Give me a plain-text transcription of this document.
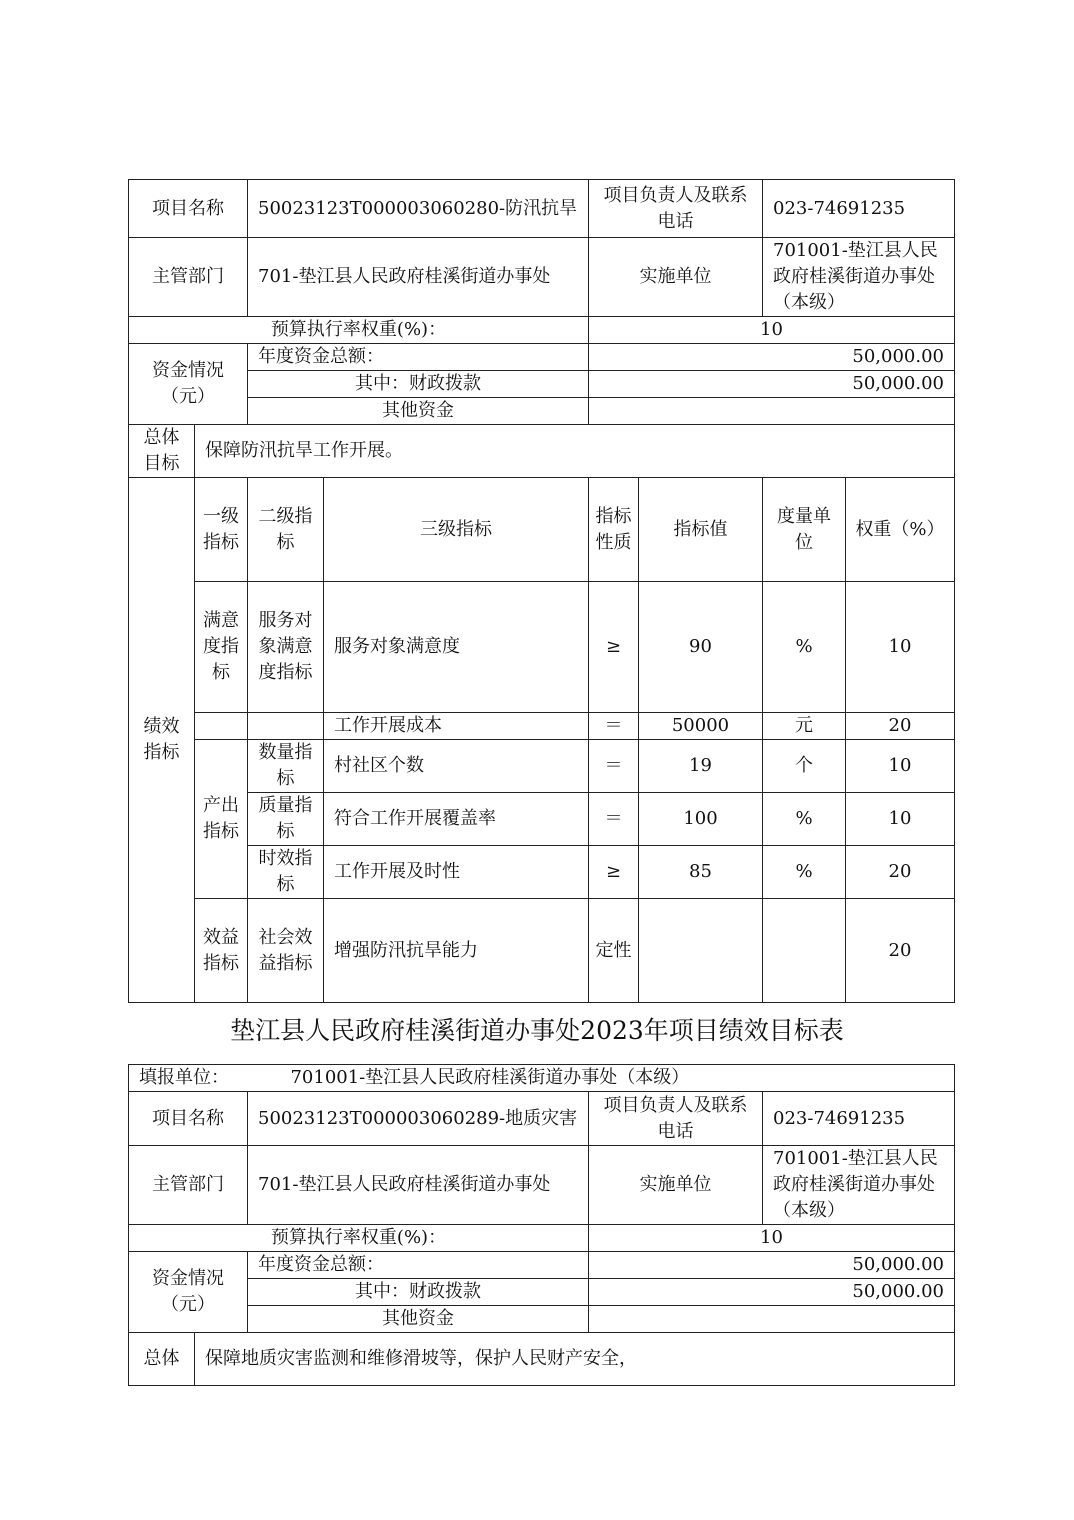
项目名称		50023123T000003060280-防汛抗旱		项目负责人及联系电话		023-74691235	
主管部门		701-垫江县人民政府桂溪街道办事处		实施单位		701001-垫江县人民政府桂溪街道办事处（本级）	
预算执行率权重(%)：				10			
资金情况（元）		年度资金总额：		50,000.00			
		其中：财政拨款		50,000.00			
		其他资金					
总体目标	保障防汛抗旱工作开展。						
绩效指标	一级指标	二级指标	三级指标	指标性质	指标值	度量单位	权重（%）
	满意度指标	服务对象满意度指标	服务对象满意度	≥	90	%	10
			工作开展成本	＝	50000	元	20
	产出指标	数量指标	村社区个数	＝	19	个	10
		质量指标	符合工作开展覆盖率	＝	100	%	10
		时效指标	工作开展及时性	≥	85	%	20
	效益指标	社会效益指标	增强防汛抗旱能力	定性			20
垫江县人民政府桂溪街道办事处2023年项目绩效目标表
填报单位： 701001-垫江县人民政府桂溪街道办事处（本级）				
项目名称		50023123T000003060289-地质灾害	项目负责人及联系电话	023-74691235
主管部门		701-垫江县人民政府桂溪街道办事处	实施单位	701001-垫江县人民政府桂溪街道办事处（本级）
预算执行率权重(%)：			10	
资金情况（元）		年度资金总额：	50,000.00	
		其中：财政拨款	50,000.00	
		其他资金		
总体	保障地质灾害监测和维修滑坡等，保护人民财产安全，			
